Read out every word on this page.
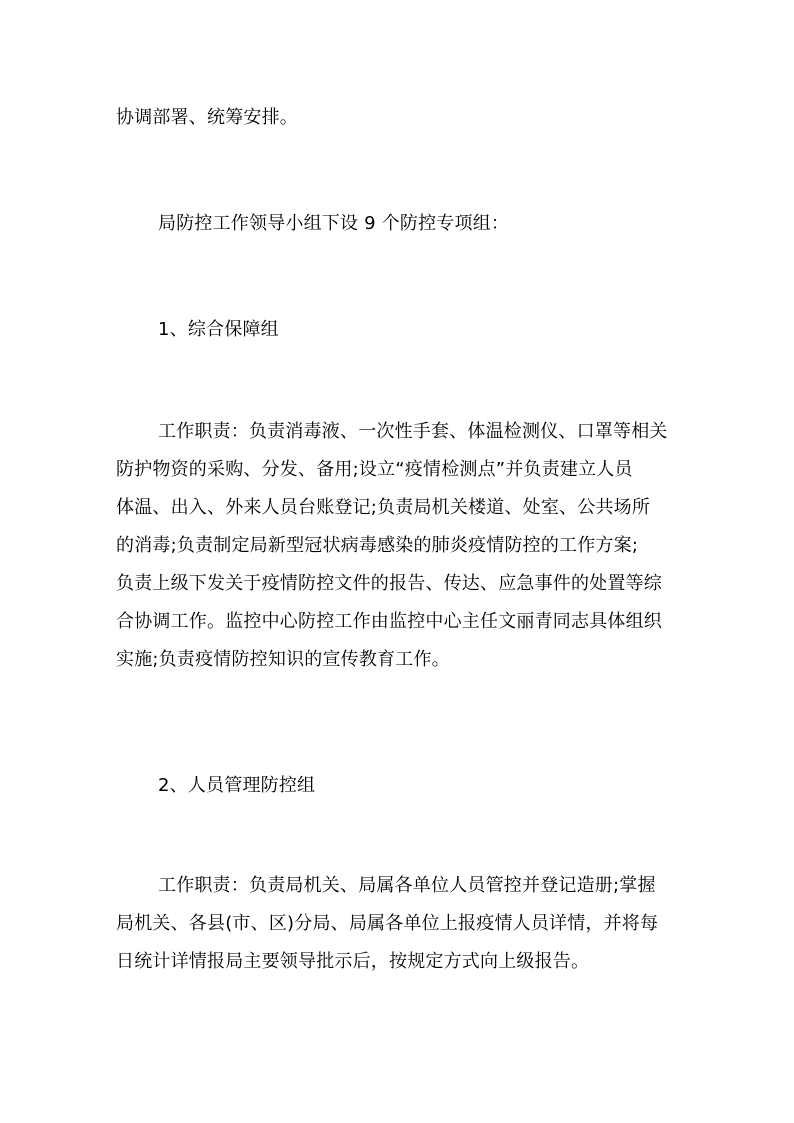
协调部署、统筹安排。
局防控工作领导小组下设 9 个防控专项组：
1、综合保障组
工作职责：负责消毒液、一次性手套、体温检测仪、口罩等相关
防护物资的采购、分发、备用;设立“疫情检测点”并负责建立人员
体温、出入、外来人员台账登记;负责局机关楼道、处室、公共场所
的消毒;负责制定局新型冠状病毒感染的肺炎疫情防控的工作方案;
负责上级下发关于疫情防控文件的报告、传达、应急事件的处置等综
合协调工作。监控中心防控工作由监控中心主任文丽青同志具体组织
实施;负责疫情防控知识的宣传教育工作。
2、人员管理防控组
工作职责：负责局机关、局属各单位人员管控并登记造册;掌握
局机关、各县(市、区)分局、局属各单位上报疫情人员详情，并将每
日统计详情报局主要领导批示后，按规定方式向上级报告。
